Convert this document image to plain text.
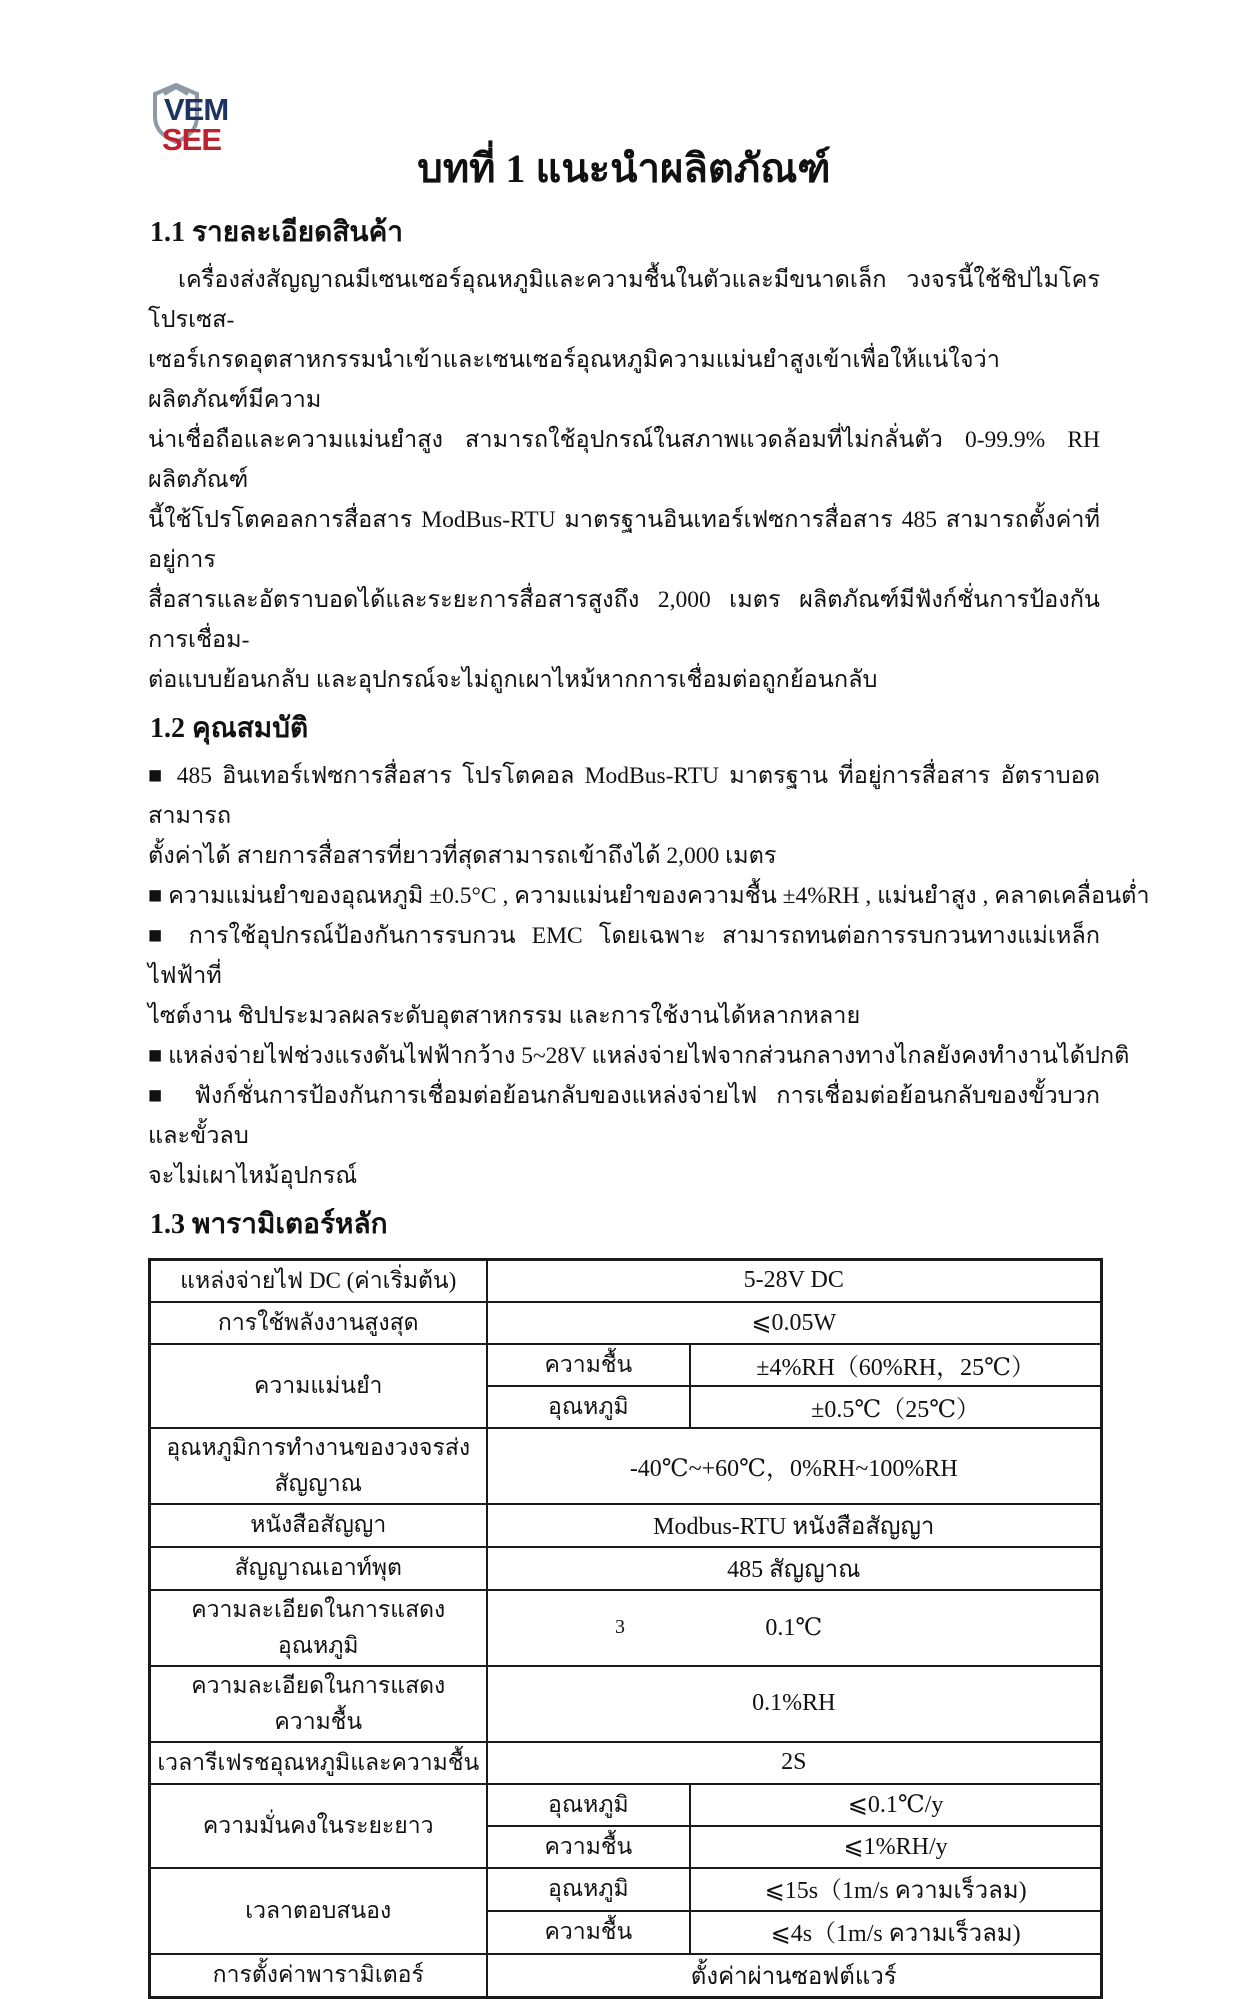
VEM
SEE
บทที่ 1 แนะนำผลิตภัณฑ์
1.1 รายละเอียดสินค้า
เครื่องส่งสัญญาณมีเซนเซอร์อุณหภูมิและความชื้นในตัวและมีขนาดเล็ก วงจรนี้ใช้ชิปไมโครโปรเซส-
เซอร์เกรดอุตสาหกรรมนำเข้าและเซนเซอร์อุณหภูมิความแม่นยำสูงเข้าเพื่อให้แน่ใจว่าผลิตภัณฑ์มีความ
น่าเชื่อถือและความแม่นยำสูง สามารถใช้อุปกรณ์ในสภาพแวดล้อมที่ไม่กลั่นตัว 0-99.9% RH ผลิตภัณฑ์
นี้ใช้โปรโตคอลการสื่อสาร ModBus-RTU มาตรฐานอินเทอร์เฟซการสื่อสาร 485 สามารถตั้งค่าที่อยู่การ
สื่อสารและอัตราบอดได้และระยะการสื่อสารสูงถึง 2,000 เมตร ผลิตภัณฑ์มีฟังก์ชั่นการป้องกันการเชื่อม-
ต่อแบบย้อนกลับ และอุปกรณ์จะไม่ถูกเผาไหม้หากการเชื่อมต่อถูกย้อนกลับ
1.2 คุณสมบัติ
■ 485 อินเทอร์เฟซการสื่อสาร โปรโตคอล ModBus-RTU มาตรฐาน ที่อยู่การสื่อสาร อัตราบอดสามารถ
ตั้งค่าได้ สายการสื่อสารที่ยาวที่สุดสามารถเข้าถึงได้ 2,000 เมตร
■ ความแม่นยำของอุณหภูมิ ±0.5°C , ความแม่นยำของความชื้น ±4%RH , แม่นยำสูง , คลาดเคลื่อนต่ำ
■ การใช้อุปกรณ์ป้องกันการรบกวน EMC โดยเฉพาะ สามารถทนต่อการรบกวนทางแม่เหล็กไฟฟ้าที่
ไซต์งาน ชิปประมวลผลระดับอุตสาหกรรม และการใช้งานได้หลากหลาย
■ แหล่งจ่ายไฟช่วงแรงดันไฟฟ้ากว้าง 5~28V แหล่งจ่ายไฟจากส่วนกลางทางไกลยังคงทำงานได้ปกติ
■ ฟังก์ชั่นการป้องกันการเชื่อมต่อย้อนกลับของแหล่งจ่ายไฟ การเชื่อมต่อย้อนกลับของขั้วบวกและขั้วลบ
จะไม่เผาไหม้อุปกรณ์
1.3 พารามิเตอร์หลัก
แหล่งจ่ายไฟ DC (ค่าเริ่มต้น)	5-28V DC	
การใช้พลังงานสูงสุด	⩽0.05W	
ความแม่นยำ	ความชื้น	±4%RH（60%RH，25℃）
	อุณหภูมิ	±0.5℃（25℃）
อุณหภูมิการทำงานของวงจรส่งสัญญาณ	-40℃~+60℃，0%RH~100%RH	
หนังสือสัญญา	Modbus-RTU หนังสือสัญญา	
สัญญาณเอาท์พุต	485 สัญญาณ	
ความละเอียดในการแสดงอุณหภูมิ	0.1℃	
ความละเอียดในการแสดงความชื้น	0.1%RH	
เวลารีเฟรชอุณหภูมิและความชื้น	2S	
ความมั่นคงในระยะยาว	อุณหภูมิ	⩽0.1℃/y
	ความชื้น	⩽1%RH/y
เวลาตอบสนอง	อุณหภูมิ	⩽15s（1m/s ความเร็วลม)
	ความชื้น	⩽4s（1m/s ความเร็วลม)
การตั้งค่าพารามิเตอร์	ตั้งค่าผ่านซอฟต์แวร์	
3
